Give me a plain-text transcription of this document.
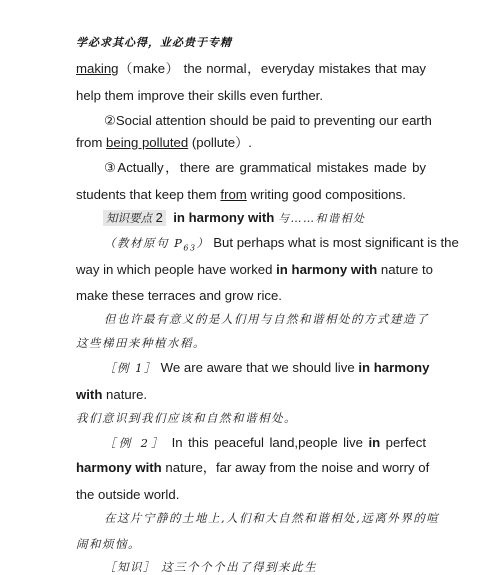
学必求其心得，业必贵于专精
making（make） the normal，everyday mistakes that may
help them improve their skills even further.
②Social attention should be paid to preventing our earth
from being polluted (pollute）.
③Actually，there are grammatical mistakes made by
students that keep them from writing good compositions.
知识要点 2 in harmony with 与……和谐相处
（教材原句 $P_{63}$） But perhaps what is most significant is the
way in which people have worked in harmony with nature to
make these terraces and grow rice.
但也许最有意义的是人们用与自然和谐相处的方式建造了
这些梯田来种植水稻。
［例 1］ We are aware that we should live in harmony
with nature.
我们意识到我们应该和自然和谐相处。
［例 2］ In this peaceful land,people live in perfect
harmony with nature，far away from the noise and worry of
the outside world.
在这片宁静的土地上,人们和大自然和谐相处,远离外界的喧
闹和烦恼。
［知识］ 这三个个个出了得到来此生
